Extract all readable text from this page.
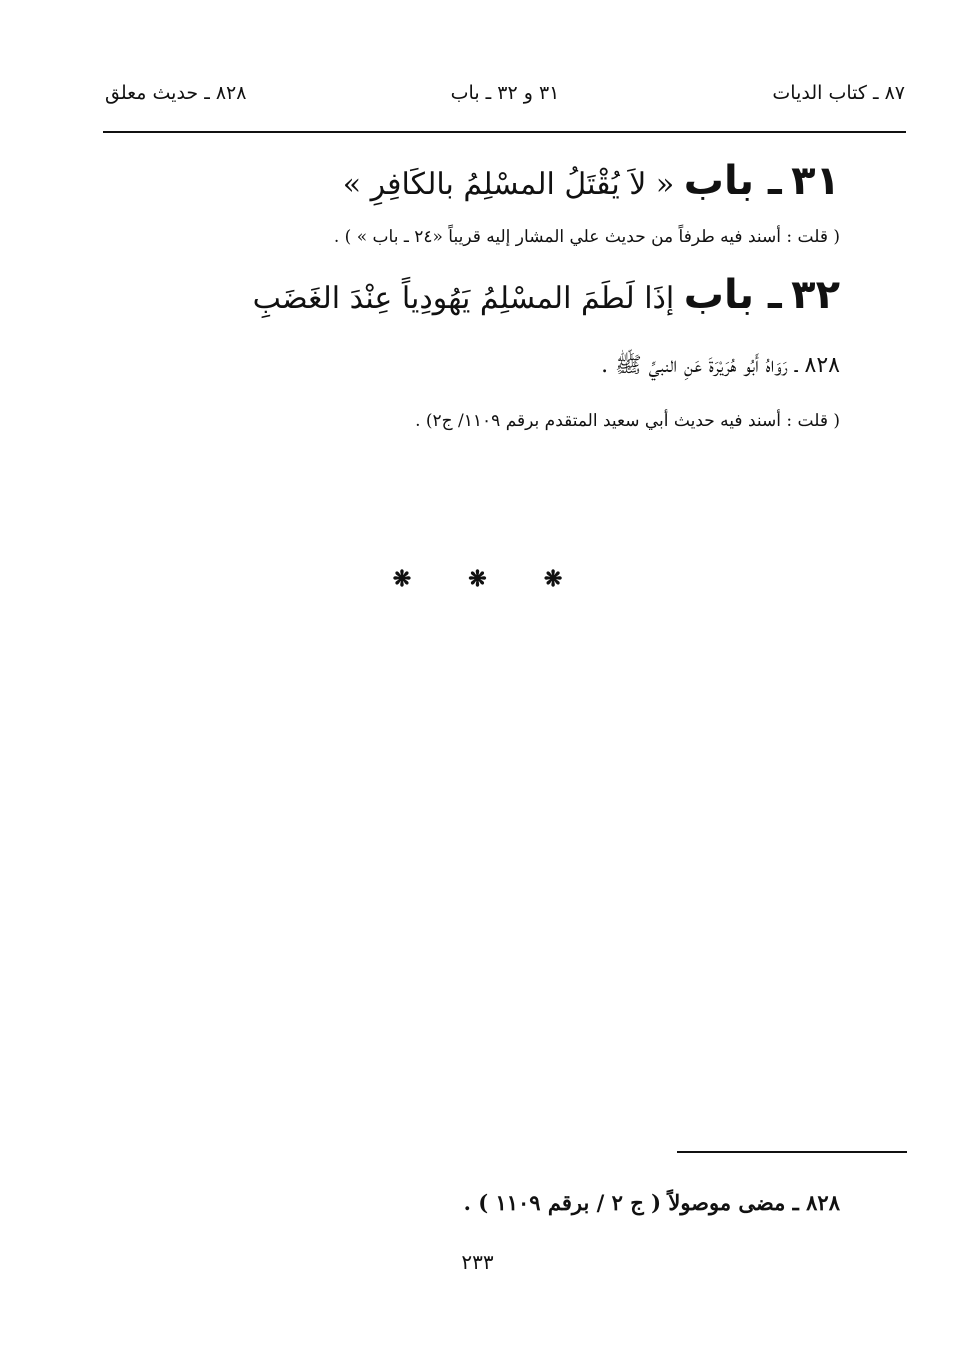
٨٧ ـ كتاب الديات
٣١ و ٣٢ ـ باب
٨٢٨ ـ حديث معلق
٣١ ـ باب « لاَ يُقْتَلُ المسْلِمُ بالكَافِرِ »

( قلت : أسند فيه طرفاً من حديث علي المشار إليه قريباً «٢٤ ـ باب » ) .

٣٢ ـ باب إذَا لَطَمَ المسْلِمُ يَهُودِياً عِنْدَ الغَضَبِ

٨٢٨ ـ رَوَاهُ أَبُو هُرَيْرَةَ عَنِ النبيِّ ﷺ .

( قلت : أسند فيه حديث أبي سعيد المتقدم برقم ١١٠٩/ ج٢) .

❋	❋	❋
٨٢٨ ـ مضى موصولاً ( ج ٢ / برقم ١١٠٩ ) .
٢٣٣
